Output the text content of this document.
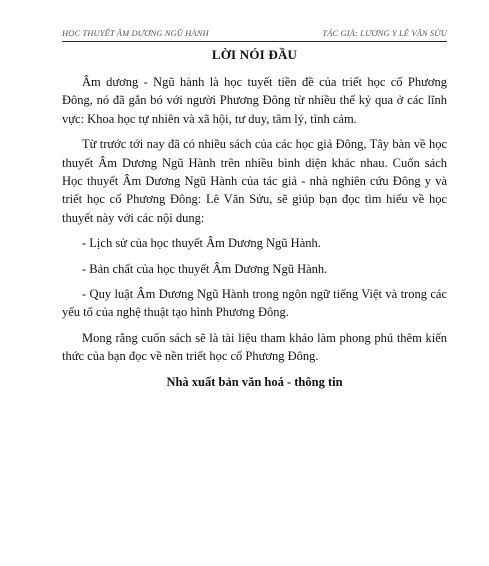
HỌC THUYẾT ÂM DƯƠNG NGŨ HÀNH	TÁC GIẢ: LƯƠNG Y LÊ VĂN SỬU
LỜI NÓI ĐẦU

Âm dương - Ngũ hành là học tuyết tiền đề của triết học cổ Phương Đông, nó đã gắn bó với người Phương Đông từ nhiều thế kỷ qua ở các lĩnh vực: Khoa học tự nhiên và xã hội, tư duy, tâm lý, tình cảm.

Từ trước tới nay đã có nhiều sách của các học giả Đông, Tây bàn về học thuyết Âm Dương Ngũ Hành trên nhiều bình diện khác nhau. Cuốn sách Học thuyết Âm Dương Ngũ Hành của tác giả - nhà nghiên cứu Đông y và triết học cổ Phương Đông: Lê Văn Sửu, sẽ giúp bạn đọc tìm hiểu về học thuyết này với các nội dung:

- Lịch sử của học thuyết Âm Dương Ngũ Hành.

- Bản chất của học thuyết Âm Dương Ngũ Hành.

- Quy luật Âm Dương Ngũ Hành trong ngôn ngữ tiếng Việt và trong các yếu tố của nghệ thuật tạo hình Phương Đông.

Mong rằng cuốn sách sẽ là tài liệu tham khảo làm phong phú thêm kiến thức của bạn đọc về nền triết học cổ Phương Đông.

Nhà xuất bản văn hoá - thông tin
